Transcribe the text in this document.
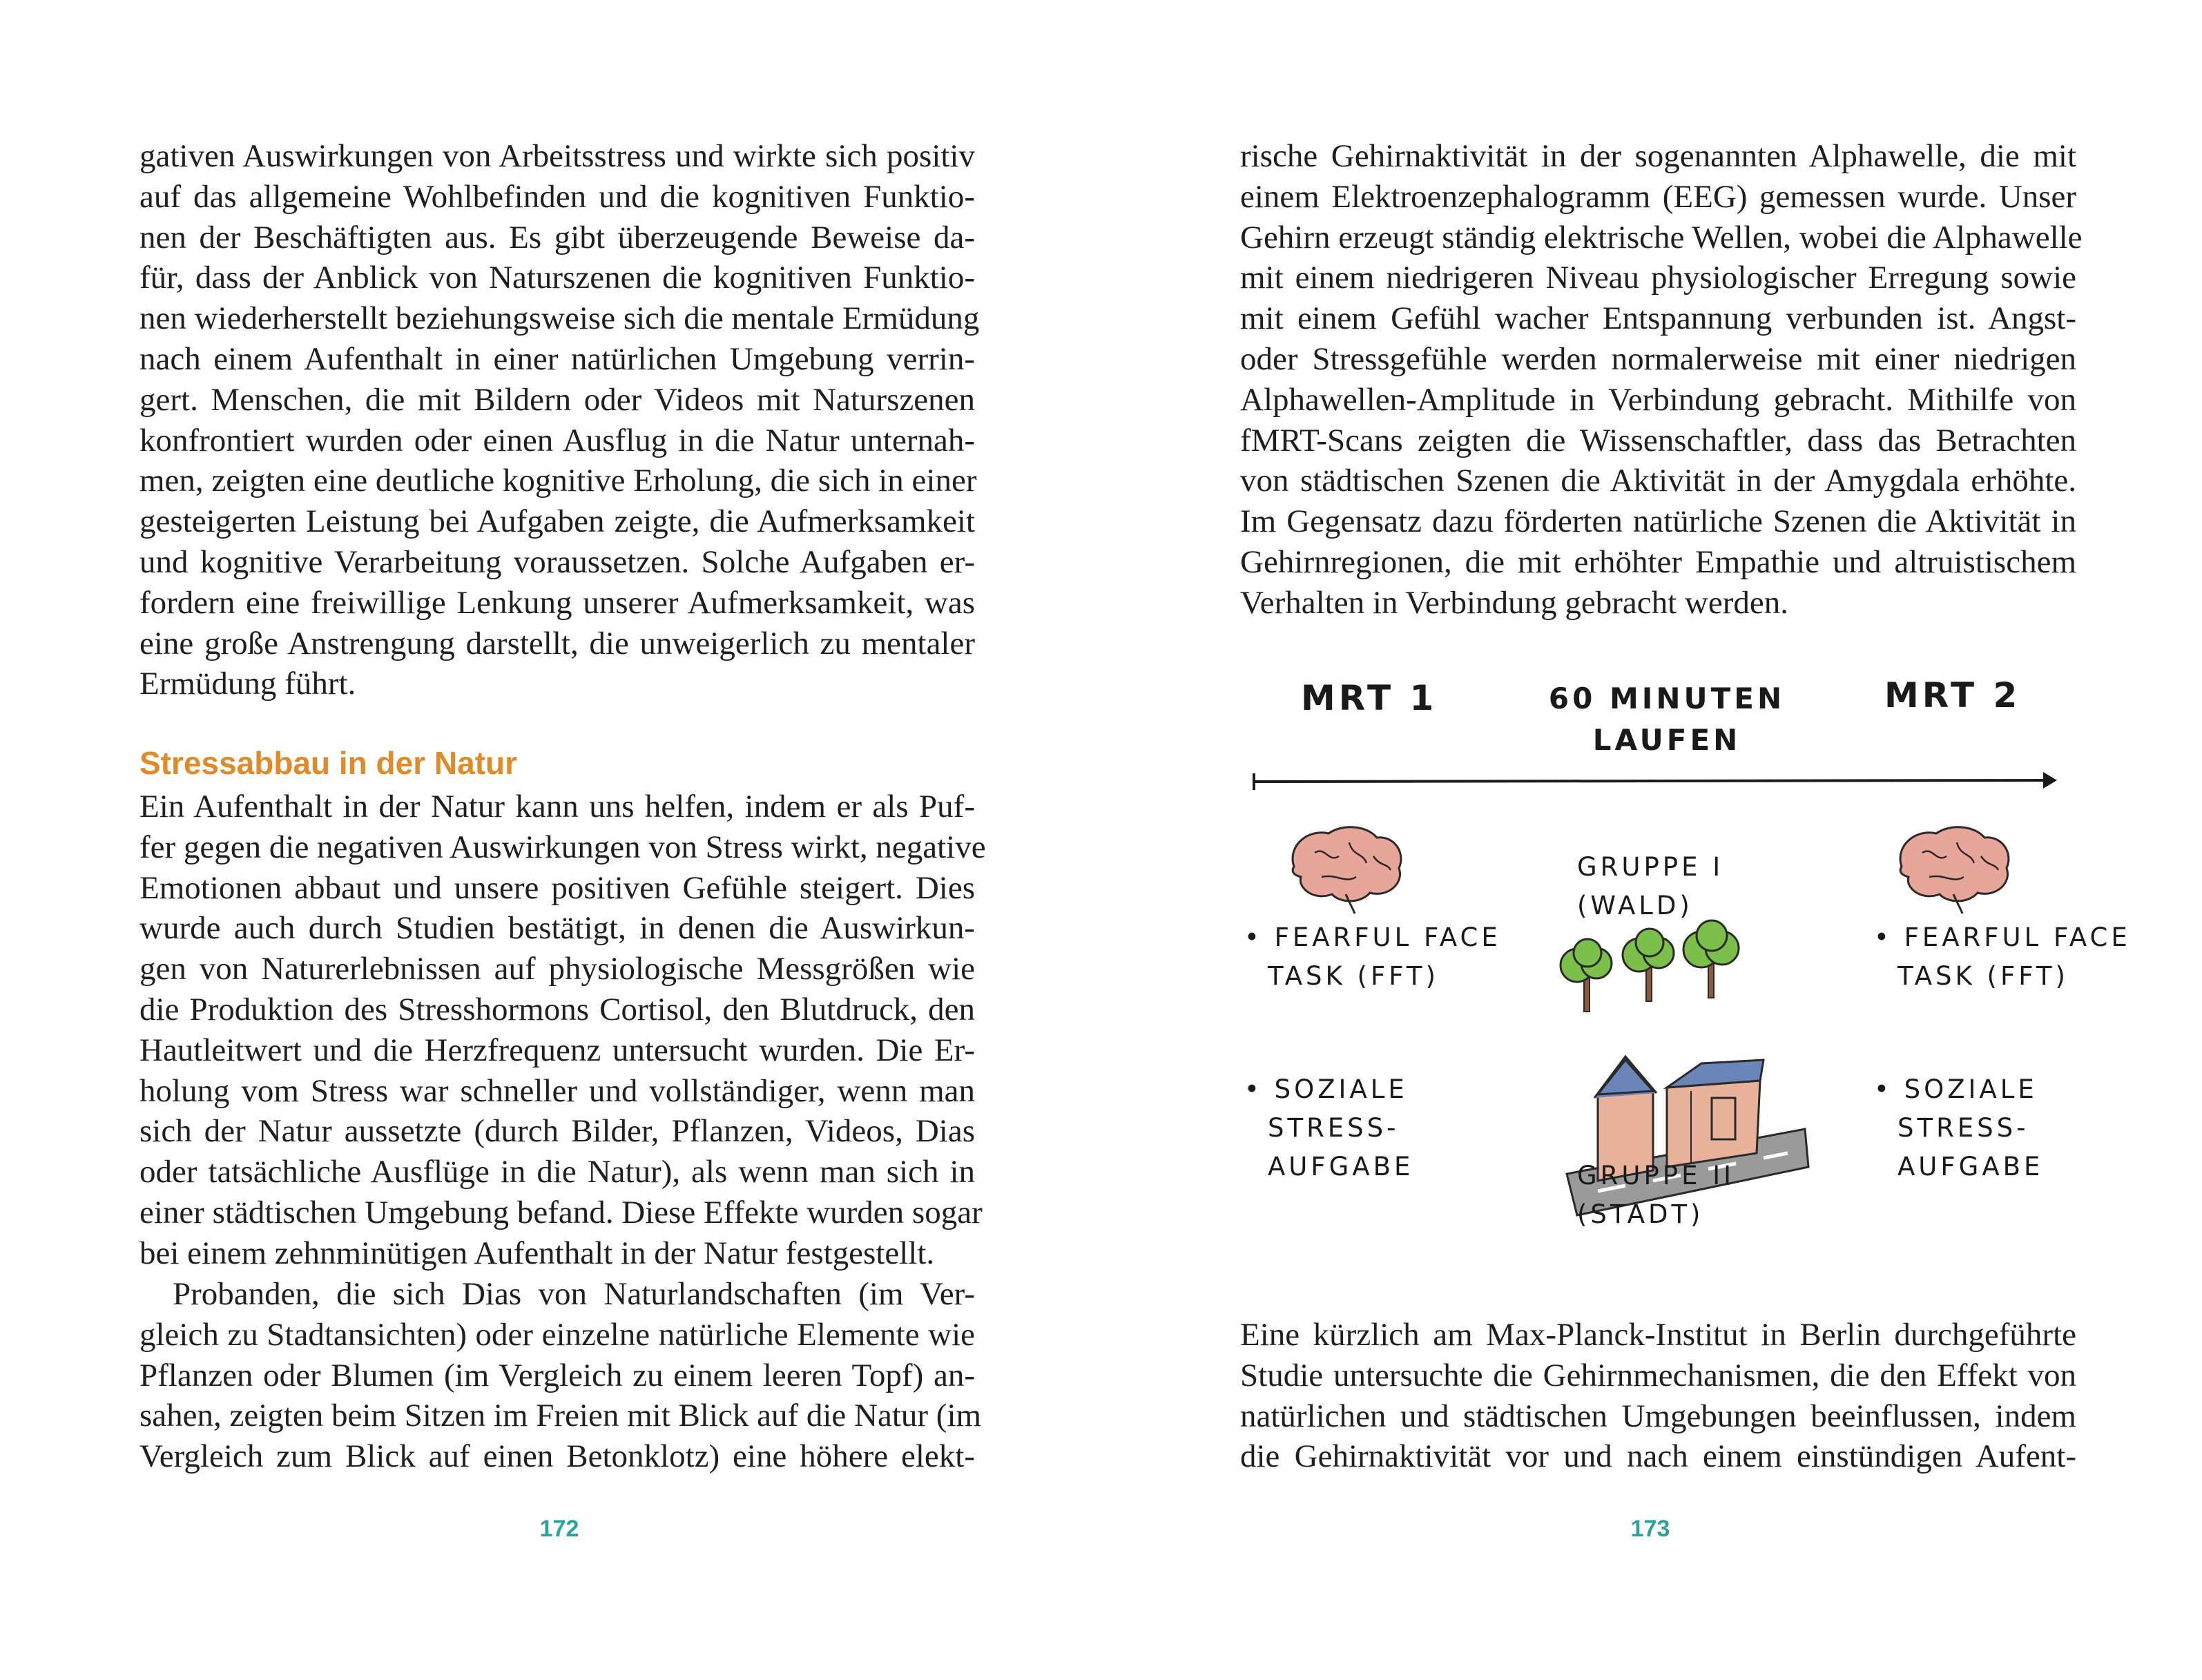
gativen Auswirkungen von Arbeitsstress und wirkte sich positiv
auf das allgemeine Wohlbefinden und die kognitiven Funktio-
nen der Beschäftigten aus. Es gibt überzeugende Beweise da-
für, dass der Anblick von Naturszenen die kognitiven Funktio-
nen wiederherstellt beziehungsweise sich die mentale Ermüdung
nach einem Aufenthalt in einer natürlichen Umgebung verrin-
gert. Menschen, die mit Bildern oder Videos mit Naturszenen
konfrontiert wurden oder einen Ausflug in die Natur unternah-
men, zeigten eine deutliche kognitive Erholung, die sich in einer
gesteigerten Leistung bei Aufgaben zeigte, die Aufmerksamkeit
und kognitive Verarbeitung voraussetzen. Solche Aufgaben er-
fordern eine freiwillige Lenkung unserer Aufmerksamkeit, was
eine große Anstrengung darstellt, die unweigerlich zu mentaler
Ermüdung führt.
Stressabbau in der Natur
Ein Aufenthalt in der Natur kann uns helfen, indem er als Puf-
fer gegen die negativen Auswirkungen von Stress wirkt, negative
Emotionen abbaut und unsere positiven Gefühle steigert. Dies
wurde auch durch Studien bestätigt, in denen die Auswirkun-
gen von Naturerlebnissen auf physiologische Messgrößen wie
die Produktion des Stresshormons Cortisol, den Blutdruck, den
Hautleitwert und die Herzfrequenz untersucht wurden. Die Er-
holung vom Stress war schneller und vollständiger, wenn man
sich der Natur aussetzte (durch Bilder, Pflanzen, Videos, Dias
oder tatsächliche Ausflüge in die Natur), als wenn man sich in
einer städtischen Umgebung befand. Diese Effekte wurden sogar
bei einem zehnminütigen Aufenthalt in der Natur festgestellt.
Probanden, die sich Dias von Naturlandschaften (im Ver-
gleich zu Stadtansichten) oder einzelne natürliche Elemente wie
Pflanzen oder Blumen (im Vergleich zu einem leeren Topf) an-
sahen, zeigten beim Sitzen im Freien mit Blick auf die Natur (im
Vergleich zum Blick auf einen Betonklotz) eine höhere elekt-
172
rische Gehirnaktivität in der sogenannten Alphawelle, die mit
einem Elektroenzephalogramm (EEG) gemessen wurde. Unser
Gehirn erzeugt ständig elektrische Wellen, wobei die Alphawelle
mit einem niedrigeren Niveau physiologischer Erregung sowie
mit einem Gefühl wacher Entspannung verbunden ist. Angst-
oder Stressgefühle werden normalerweise mit einer niedrigen
Alphawellen-Amplitude in Verbindung gebracht. Mithilfe von
fMRT-Scans zeigten die Wissenschaftler, dass das Betrachten
von städtischen Szenen die Aktivität in der Amygdala erhöhte.
Im Gegensatz dazu förderten natürliche Szenen die Aktivität in
Gehirnregionen, die mit erhöhter Empathie und altruistischem
Verhalten in Verbindung gebracht werden.
Eine kürzlich am Max-Planck-Institut in Berlin durchgeführte
Studie untersuchte die Gehirnmechanismen, die den Effekt von
natürlichen und städtischen Umgebungen beeinflussen, indem
die Gehirnaktivität vor und nach einem einstündigen Aufent-
173
MRT 1	60 MINUTEN
LAUFEN
MRT 2
• FEARFUL FACE
TASK (FFT)
• SOZIALE
STRESS-
AUFGABE
• FEARFUL FACE
TASK (FFT)
• SOZIALE
STRESS-
AUFGABE
GRUPPE I
(WALD)
GRUPPE II
(STADT)
